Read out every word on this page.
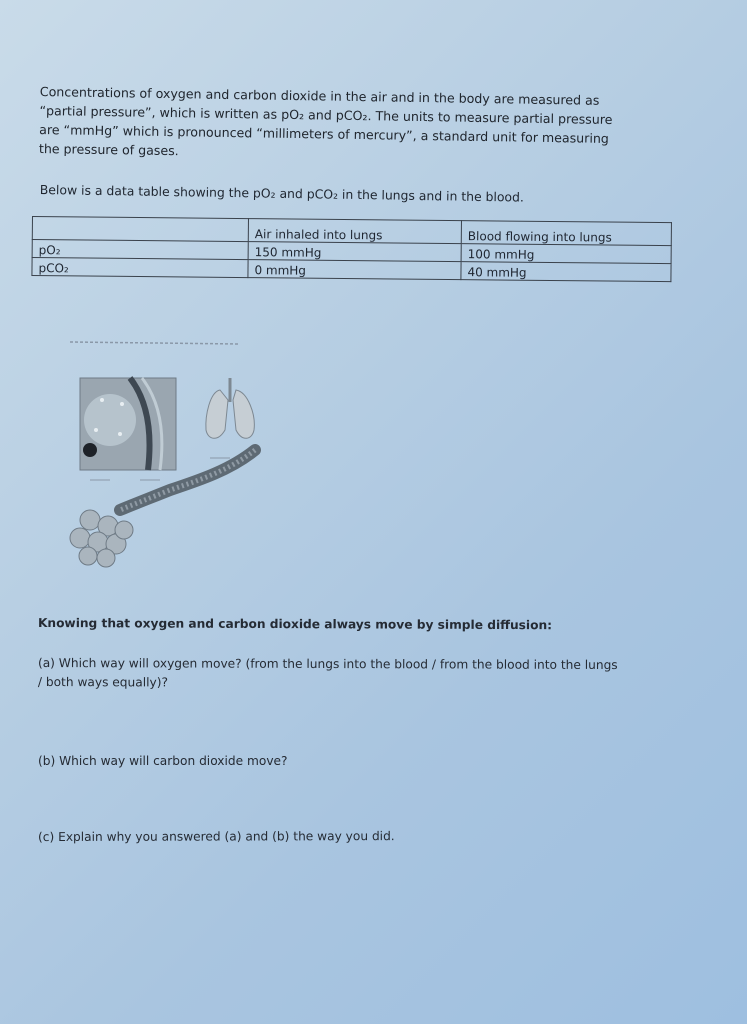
Concentrations of oxygen and carbon dioxide in the air and in the body are measured as

“partial pressure”, which is written as pO₂ and pCO₂. The units to measure partial pressure

are “mmHg” which is pronounced “millimeters of mercury”, a standard unit for measuring

the pressure of gases.

Below is a data table showing the pO₂ and pCO₂ in the lungs and in the blood.
	Air inhaled into lungs	Blood flowing into lungs
pO₂	150 mmHg	100 mmHg
pCO₂	0 mmHg	40 mmHg
Knowing that oxygen and carbon dioxide always move by simple diffusion:
(a) Which way will oxygen move? (from the lungs into the blood / from the blood into the lungs
/ both ways equally)?
(b) Which way will carbon dioxide move?
(c) Explain why you answered (a) and (b) the way you did.
